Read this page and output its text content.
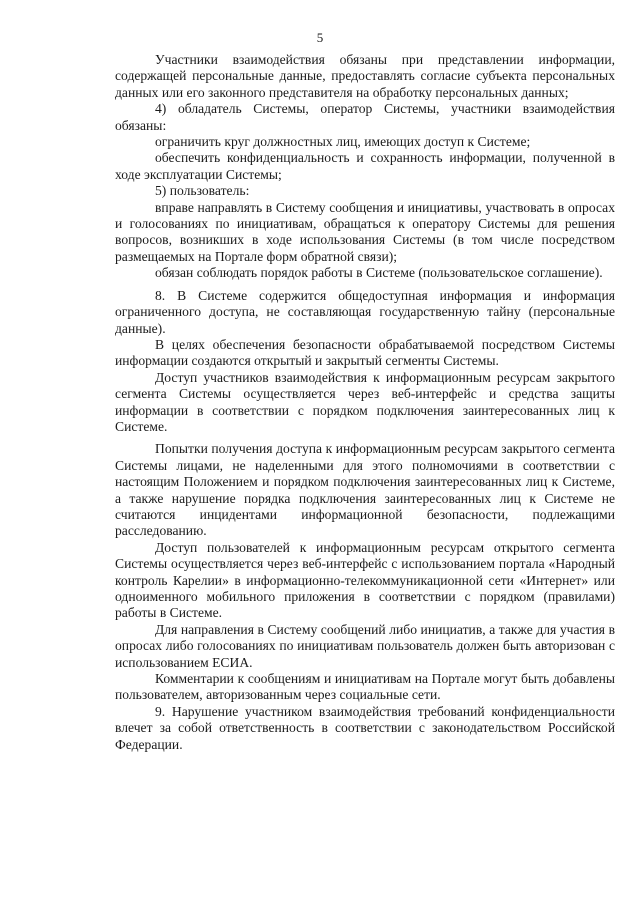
5

Участники взаимодействия обязаны при представлении информации, содержащей персональные данные, предоставлять согласие субъекта персональных данных или его законного представителя на обработку персональных данных;

4) обладатель Системы, оператор Системы, участники взаимодействия обязаны:

ограничить круг должностных лиц, имеющих доступ к Системе;

обеспечить конфиденциальность и сохранность информации, полученной в ходе эксплуатации Системы;

5) пользователь:

вправе направлять в Систему сообщения и инициативы, участвовать в опросах и голосованиях по инициативам, обращаться к оператору Системы для решения вопросов, возникших в ходе использования Системы (в том числе посредством размещаемых на Портале форм обратной связи);

обязан соблюдать порядок работы в Системе (пользовательское соглашение).

8. В Системе содержится общедоступная информация и информация ограниченного доступа, не составляющая государственную тайну (персональные данные).

В целях обеспечения безопасности обрабатываемой посредством Системы информации создаются открытый и закрытый сегменты Системы.

Доступ участников взаимодействия к информационным ресурсам закрытого сегмента Системы осуществляется через веб-интерфейс и средства защиты информации в соответствии с порядком подключения заинтересованных лиц к Системе.

Попытки получения доступа к информационным ресурсам закрытого сегмента Системы лицами, не наделенными для этого полномочиями в соответствии с настоящим Положением и порядком подключения заинтересованных лиц к Системе, а также нарушение порядка подключения заинтересованных лиц к Системе не считаются инцидентами информационной безопасности, подлежащими расследованию.

Доступ пользователей к информационным ресурсам открытого сегмента Системы осуществляется через веб-интерфейс с использованием портала «Народный контроль Карелии» в информационно-телекоммуникационной сети «Интернет» или одноименного мобильного приложения в соответствии с порядком (правилами) работы в Системе.

Для направления в Систему сообщений либо инициатив, а также для участия в опросах либо голосованиях по инициативам пользователь должен быть авторизован с использованием ЕСИА.

Комментарии к сообщениям и инициативам на Портале могут быть добавлены пользователем, авторизованным через социальные сети.

9. Нарушение участником взаимодействия требований конфиденциальности влечет за собой ответственность в соответствии с законодательством Российской Федерации.
